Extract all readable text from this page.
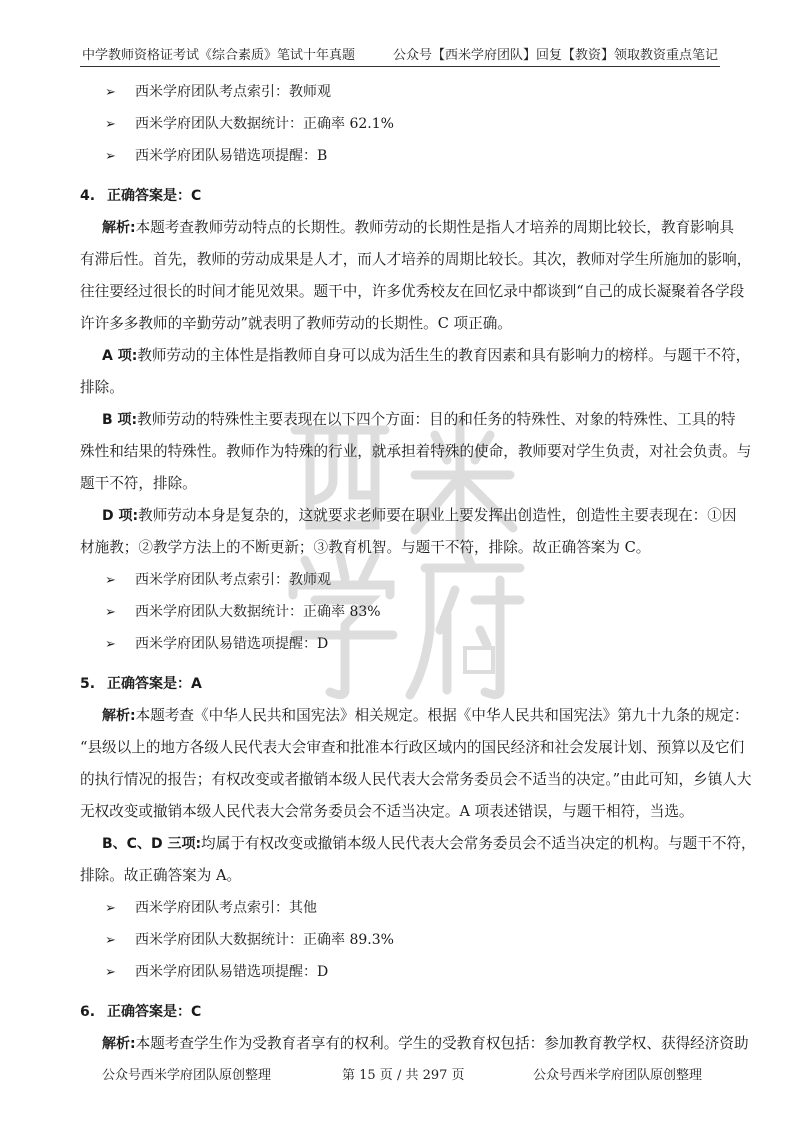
中学教师资格证考试《综合素质》笔试十年真题	公众号【西米学府团队】回复【教资】领取教资重点笔记
➢ 西米学府团队考点索引：教师观
➢ 西米学府团队大数据统计：正确率 62.1%
➢ 西米学府团队易错选项提醒：B
4. 正确答案是：C
解析:本题考查教师劳动特点的长期性。教师劳动的长期性是指人才培养的周期比较长，教育影响具
有滞后性。首先，教师的劳动成果是人才，而人才培养的周期比较长。其次，教师对学生所施加的影响，
往往要经过很长的时间才能见效果。题干中，许多优秀校友在回忆录中都谈到“自己的成长凝聚着各学段
许许多多教师的辛勤劳动”就表明了教师劳动的长期性。C 项正确。
A 项:教师劳动的主体性是指教师自身可以成为活生生的教育因素和具有影响力的榜样。与题干不符，
排除。
B 项:教师劳动的特殊性主要表现在以下四个方面：目的和任务的特殊性、对象的特殊性、工具的特
殊性和结果的特殊性。教师作为特殊的行业，就承担着特殊的使命，教师要对学生负责，对社会负责。与
题干不符，排除。
D 项:教师劳动本身是复杂的，这就要求老师要在职业上要发挥出创造性，创造性主要表现在：①因
材施教；②教学方法上的不断更新；③教育机智。与题干不符，排除。故正确答案为 C。
➢ 西米学府团队考点索引：教师观
➢ 西米学府团队大数据统计：正确率 83%
➢ 西米学府团队易错选项提醒：D
5. 正确答案是：A
解析:本题考查《中华人民共和国宪法》相关规定。根据《中华人民共和国宪法》第九十九条的规定：
“县级以上的地方各级人民代表大会审查和批准本行政区域内的国民经济和社会发展计划、预算以及它们
的执行情况的报告；有权改变或者撤销本级人民代表大会常务委员会不适当的决定。”由此可知，乡镇人大
无权改变或撤销本级人民代表大会常务委员会不适当决定。A 项表述错误，与题干相符，当选。
B、C、D 三项:均属于有权改变或撤销本级人民代表大会常务委员会不适当决定的机构。与题干不符，
排除。故正确答案为 A。
➢ 西米学府团队考点索引：其他
➢ 西米学府团队大数据统计：正确率 89.3%
➢ 西米学府团队易错选项提醒：D
6. 正确答案是：C
解析:本题考查学生作为受教育者享有的权利。学生的受教育权包括：参加教育教学权、获得经济资助
公众号西米学府团队原创整理	第 15 页 / 共 297 页	公众号西米学府团队原创整理
